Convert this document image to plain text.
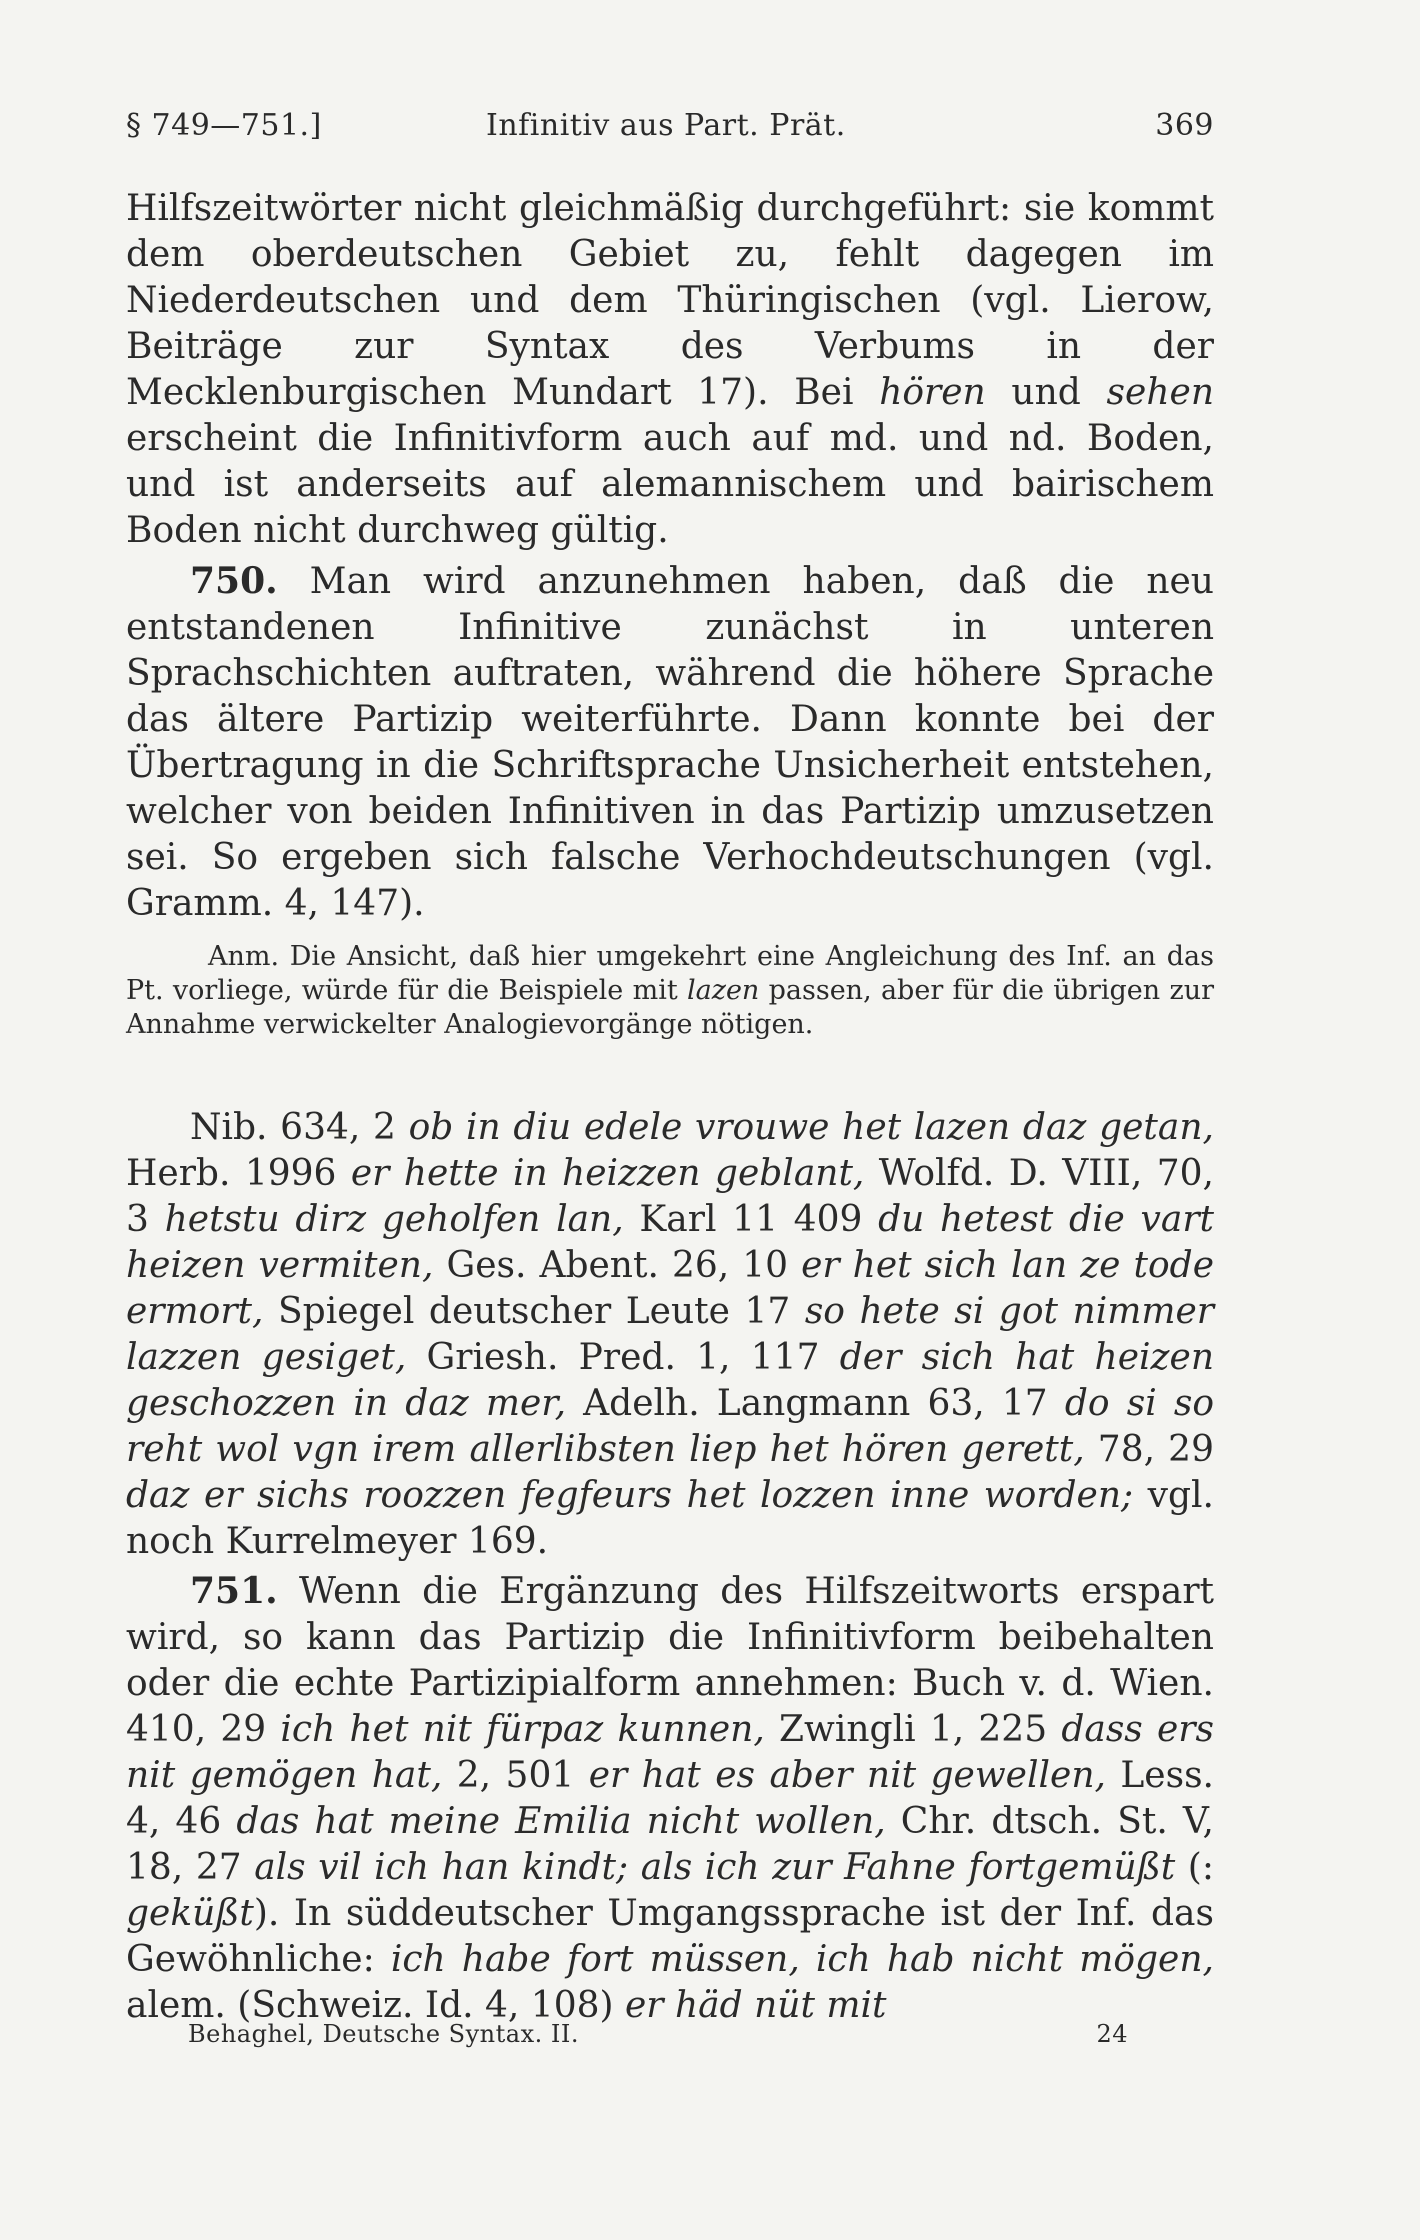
§ 749—751.]	Infinitiv aus Part. Prät.	369

Hilfszeitwörter nicht gleichmäßig durchgeführt: sie kommt dem oberdeutschen Gebiet zu, fehlt dagegen im Niederdeutschen und dem Thüringischen (vgl. Lierow, Beiträge zur Syntax des Verbums in der Mecklenburgischen Mundart 17). Bei hören und sehen erscheint die Infinitivform auch auf md. und nd. Boden, und ist anderseits auf alemannischem und bairischem Boden nicht durchweg gültig.

750. Man wird anzunehmen haben, daß die neu entstandenen Infinitive zunächst in unteren Sprachschichten auftraten, während die höhere Sprache das ältere Partizip weiterführte. Dann konnte bei der Übertragung in die Schriftsprache Unsicherheit entstehen, welcher von beiden Infinitiven in das Partizip umzusetzen sei. So ergeben sich falsche Verhochdeutschungen (vgl. Gramm. 4, 147).

Anm. Die Ansicht, daß hier umgekehrt eine Angleichung des Inf. an das Pt. vorliege, würde für die Beispiele mit lazen passen, aber für die übrigen zur Annahme verwickelter Analogievorgänge nötigen.

Nib. 634, 2 ob in diu edele vrouwe het lazen daz getan, Herb. 1996 er hette in heizzen geblant, Wolfd. D. VIII, 70, 3 hetstu dirz geholfen lan, Karl 11 409 du hetest die vart heizen vermiten, Ges. Abent. 26, 10 er het sich lan ze tode ermort, Spiegel deutscher Leute 17 so hete si got nimmer lazzen gesiget, Griesh. Pred. 1, 117 der sich hat heizen geschozzen in daz mer, Adelh. Langmann 63, 17 do si so reht wol vgn irem allerlibsten liep het hören gerett, 78, 29 daz er sichs roozzen fegfeurs het lozzen inne worden; vgl. noch Kurrelmeyer 169.

751. Wenn die Ergänzung des Hilfszeitworts erspart wird, so kann das Partizip die Infinitivform beibehalten oder die echte Partizipialform annehmen: Buch v. d. Wien. 410, 29 ich het nit fürpaz kunnen, Zwingli 1, 225 dass ers nit gemögen hat, 2, 501 er hat es aber nit gewellen, Less. 4, 46 das hat meine Emilia nicht wollen, Chr. dtsch. St. V, 18, 27 als vil ich han kindt; als ich zur Fahne fortgemüßt (: geküßt). In süddeutscher Umgangssprache ist der Inf. das Gewöhnliche: ich habe fort müssen, ich hab nicht mögen, alem. (Schweiz. Id. 4, 108) er häd nüt mit

Behaghel, Deutsche Syntax. II.	24
